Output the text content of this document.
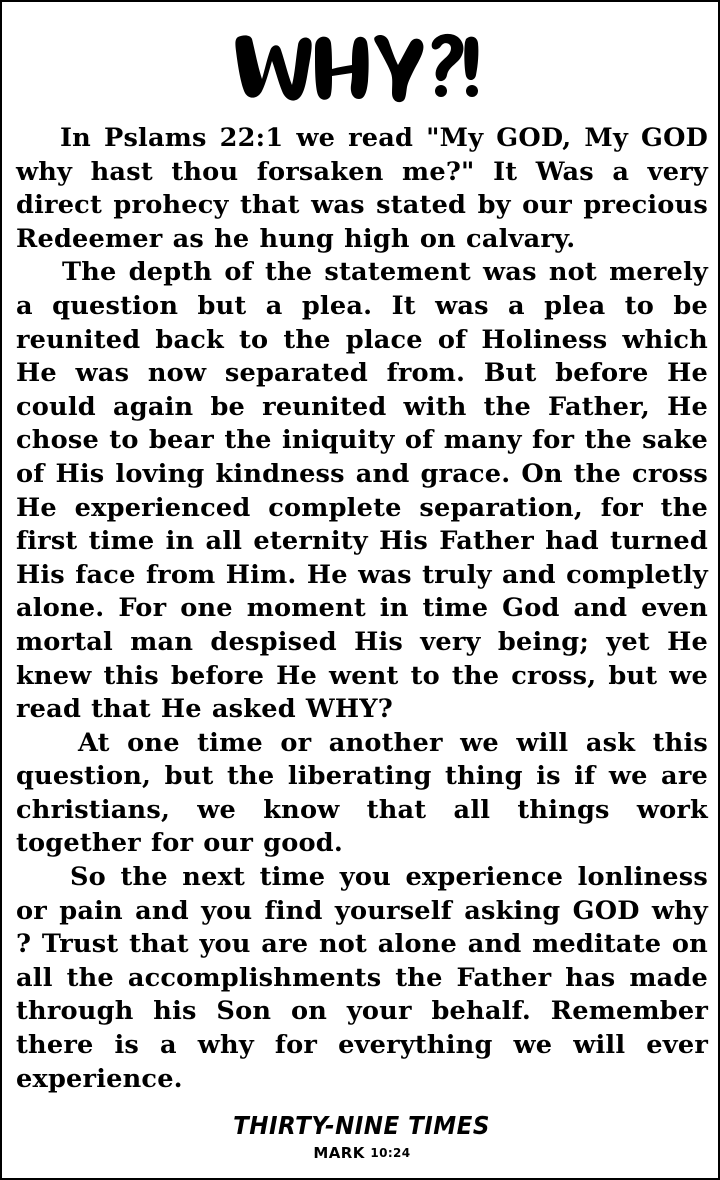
In Pslams 22:1 we read "My GOD, My GOD why hast thou forsaken me?" It Was a very direct prohecy that was stated by our precious Redeemer as he hung high on calvary.

The depth of the statement was not merely a question but a plea. It was a plea to be reunited back to the place of Holiness which He was now separated from. But before He could again be reunited with the Father, He chose to bear the iniquity of many for the sake of His loving kindness and grace. On the cross He experienced complete separation, for the first time in all eternity His Father had turned His face from Him. He was truly and completly alone. For one moment in time God and even mortal man despised His very being; yet He knew this before He went to the cross, but we read that He asked WHY?

At one time or another we will ask this question, but the liberating thing is if we are christians, we know that all things work together for our good.

So the next time you experience lonliness or pain and you find yourself asking GOD why ? Trust that you are not alone and meditate on all the accomplishments the Father has made through his Son on your behalf. Remember there is a why for everything we will ever experience.

THIRTY-NINE TIMES
MARK 10:24
